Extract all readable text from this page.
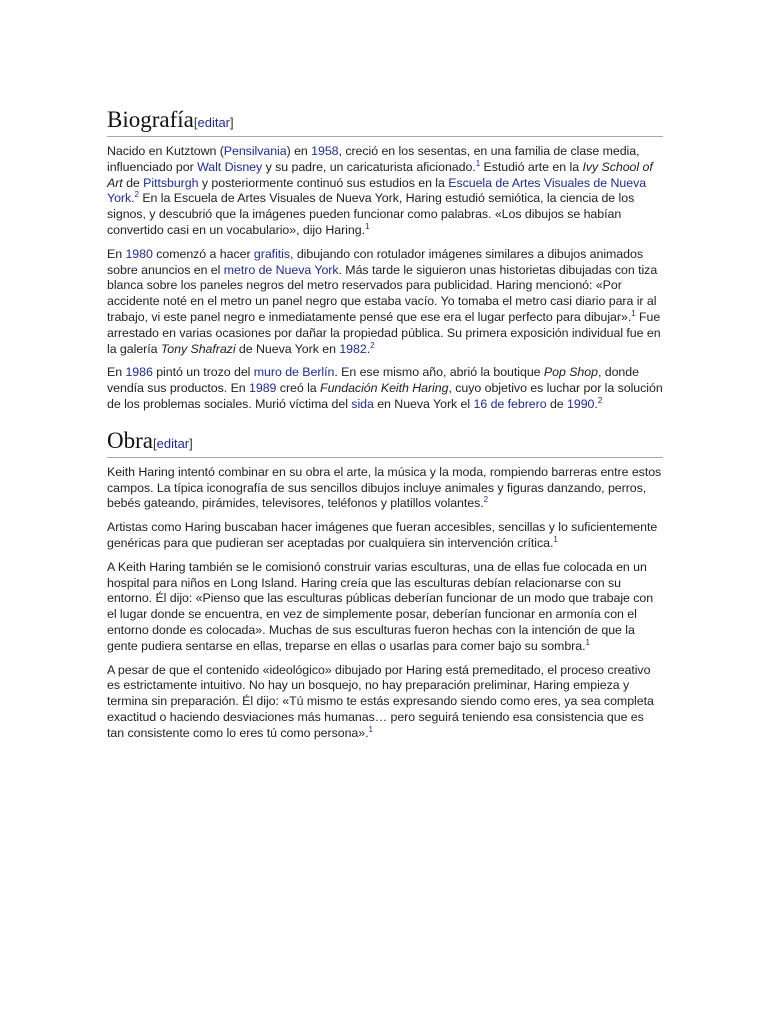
Biografía[editar]

Nacido en Kutztown (Pensilvania) en 1958, creció en los sesentas, en una familia de clase media, influenciado por Walt Disney y su padre, un caricaturista aficionado.$^1$ Estudió arte en la Ivy School of Art de Pittsburgh y posteriormente continuó sus estudios en la Escuela de Artes Visuales de Nueva York.$^2$ En la Escuela de Artes Visuales de Nueva York, Haring estudió semiótica, la ciencia de los signos, y descubrió que la imágenes pueden funcionar como palabras. «Los dibujos se habían convertido casi en un vocabulario», dijo Haring.$^1$

En 1980 comenzó a hacer grafitis, dibujando con rotulador imágenes similares a dibujos animados sobre anuncios en el metro de Nueva York. Más tarde le siguieron unas historietas dibujadas con tiza blanca sobre los paneles negros del metro reservados para publicidad. Haring mencionó: «Por accidente noté en el metro un panel negro que estaba vacío. Yo tomaba el metro casi diario para ir al trabajo, vi este panel negro e inmediatamente pensé que ese era el lugar perfecto para dibujar».$^1$ Fue arrestado en varias ocasiones por dañar la propiedad pública. Su primera exposición individual fue en la galería Tony Shafrazi de Nueva York en 1982.$^2$

En 1986 pintó un trozo del muro de Berlín. En ese mismo año, abrió la boutique Pop Shop, donde vendía sus productos. En 1989 creó la Fundación Keith Haring, cuyo objetivo es luchar por la solución de los problemas sociales. Murió víctima del sida en Nueva York el 16 de febrero de 1990.$^2$

Obra[editar]

Keith Haring intentó combinar en su obra el arte, la música y la moda, rompiendo barreras entre estos campos. La típica iconografía de sus sencillos dibujos incluye animales y figuras danzando, perros, bebés gateando, pirámides, televisores, teléfonos y platillos volantes.$^2$

Artistas como Haring buscaban hacer imágenes que fueran accesibles, sencillas y lo suficientemente genéricas para que pudieran ser aceptadas por cualquiera sin intervención crítica.$^1$

A Keith Haring también se le comisionó construir varias esculturas, una de ellas fue colocada en un hospital para niños en Long Island. Haring creía que las esculturas debían relacionarse con su entorno. Él dijo: «Pienso que las esculturas públicas deberían funcionar de un modo que trabaje con el lugar donde se encuentra, en vez de simplemente posar, deberían funcionar en armonía con el entorno donde es colocada». Muchas de sus esculturas fueron hechas con la intención de que la gente pudiera sentarse en ellas, treparse en ellas o usarlas para comer bajo su sombra.$^1$

A pesar de que el contenido «ideológico» dibujado por Haring está premeditado, el proceso creativo es estrictamente intuitivo. No hay un bosquejo, no hay preparación preliminar, Haring empieza y termina sin preparación. Él dijo: «Tú mismo te estás expresando siendo como eres, ya sea completa exactitud o haciendo desviaciones más humanas… pero seguirá teniendo esa consistencia que es tan consistente como lo eres tú como persona».$^1$
